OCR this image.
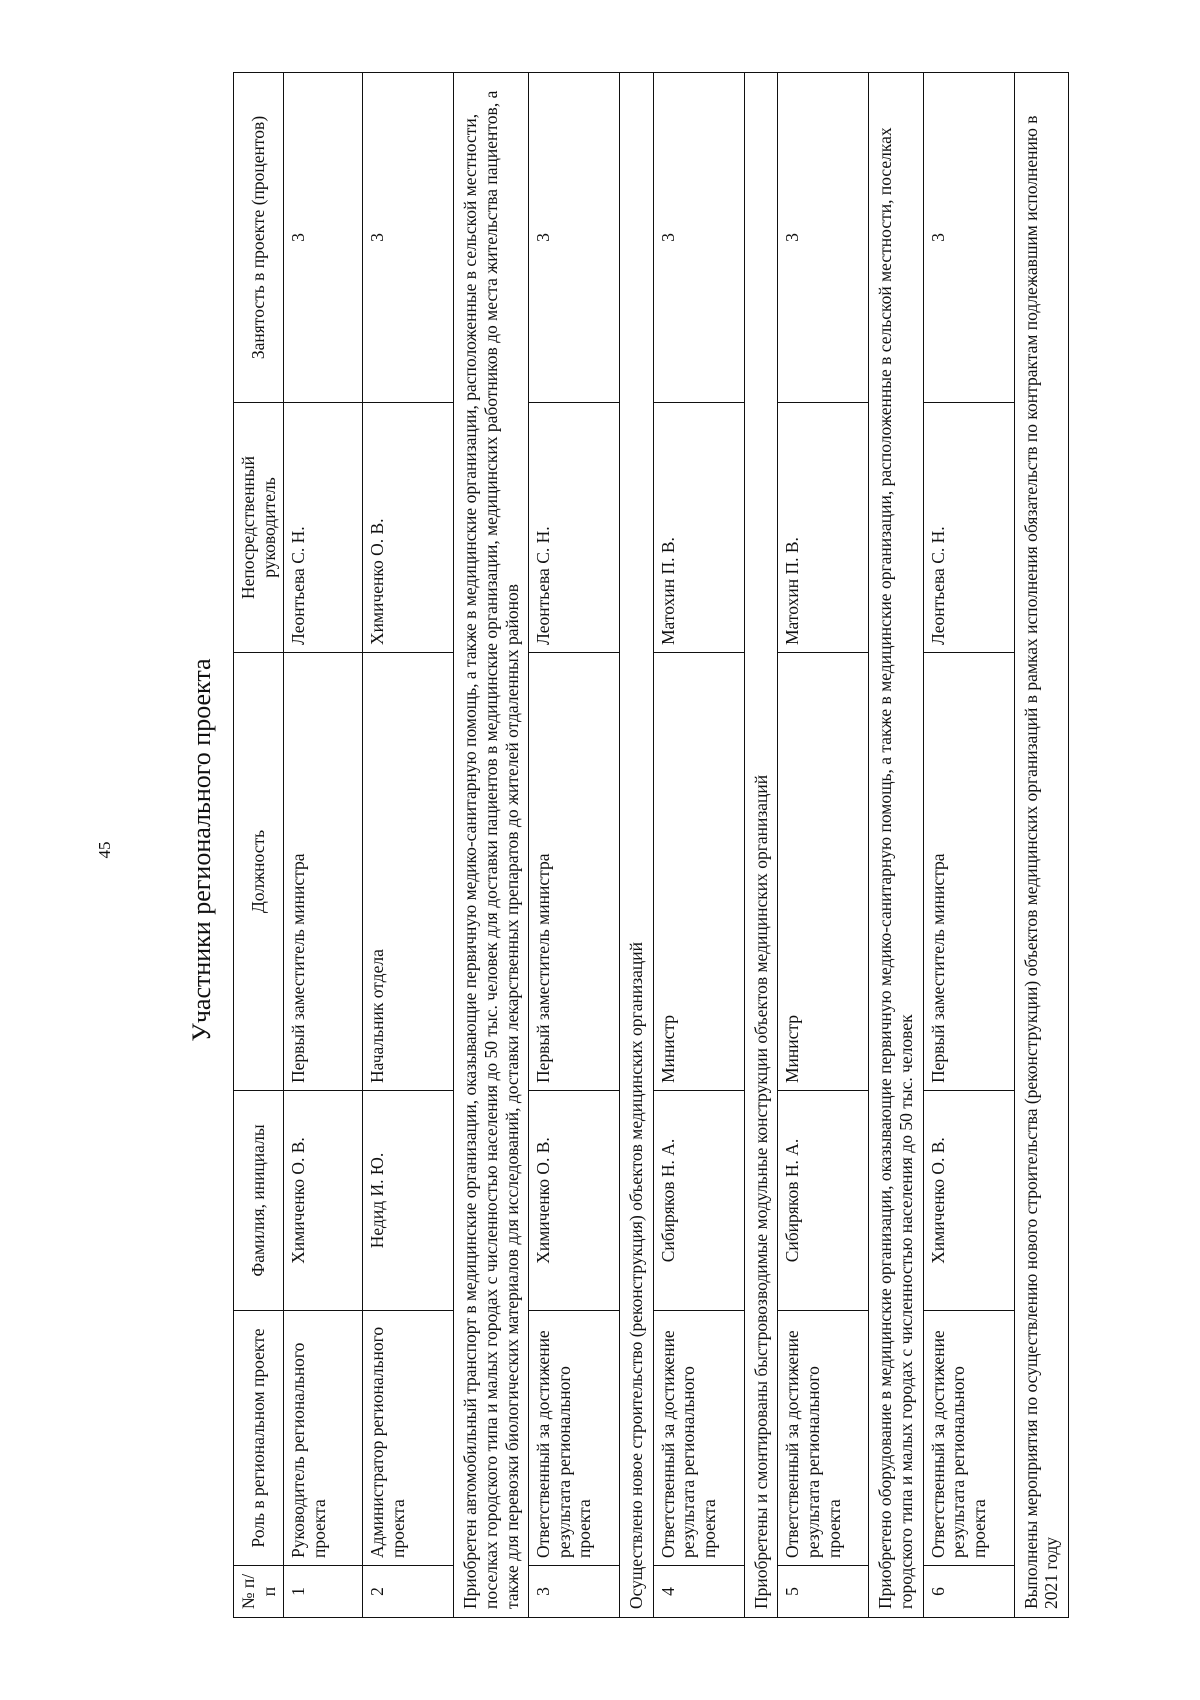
45	Участники регионального проекта
№ п/п	Роль в региональном проекте	Фамилия, инициалы	Должность	Непосредственный руководитель	Занятость в проекте (процентов)
1	Руководитель регионального проекта	Химиченко О. В.	Первый заместитель министра	Леонтьева С. Н.	3
2	Администратор регионального проекта	Недид И. Ю.	Начальник отдела	Химиченко О. В.	3
Приобретен автомобильный транспорт в медицинские организации, оказывающие первичную медико-санитарную помощь, а также в медицинские организации, расположенные в сельской местности, поселках городского типа и малых городах с численностью населения до 50 тыс. человек для доставки пациентов в медицинские организации, медицинских работников до места жительства пациентов, а также для перевозки биологических материалов для исследований, доставки лекарственных препаратов до жителей отдаленных районов					
3	Ответственный за достижение результата регионального проекта	Химиченко О. В.	Первый заместитель министра	Леонтьева С. Н.	3
Осуществлено новое строительство (реконструкция) объектов медицинских организаций					
4	Ответственный за достижение результата регионального проекта	Сибиряков Н. А.	Министр	Матохин П. В.	3
Приобретены и смонтированы быстровозводимые модульные конструкции объектов медицинских организаций					
5	Ответственный за достижение результата регионального проекта	Сибиряков Н. А.	Министр	Матохин П. В.	3
Приобретено оборудование в медицинские организации, оказывающие первичную медико-санитарную помощь, а также в медицинские организации, расположенные в сельской местности, поселках городского типа и малых городах с численностью населения до 50 тыс. человек					
6	Ответственный за достижение результата регионального проекта	Химиченко О. В.	Первый заместитель министра	Леонтьева С. Н.	3
Выполнены мероприятия по осуществлению нового строительства (реконструкции) объектов медицинских организаций в рамках исполнения обязательств по контрактам подлежавшим исполнению в 2021 году					
